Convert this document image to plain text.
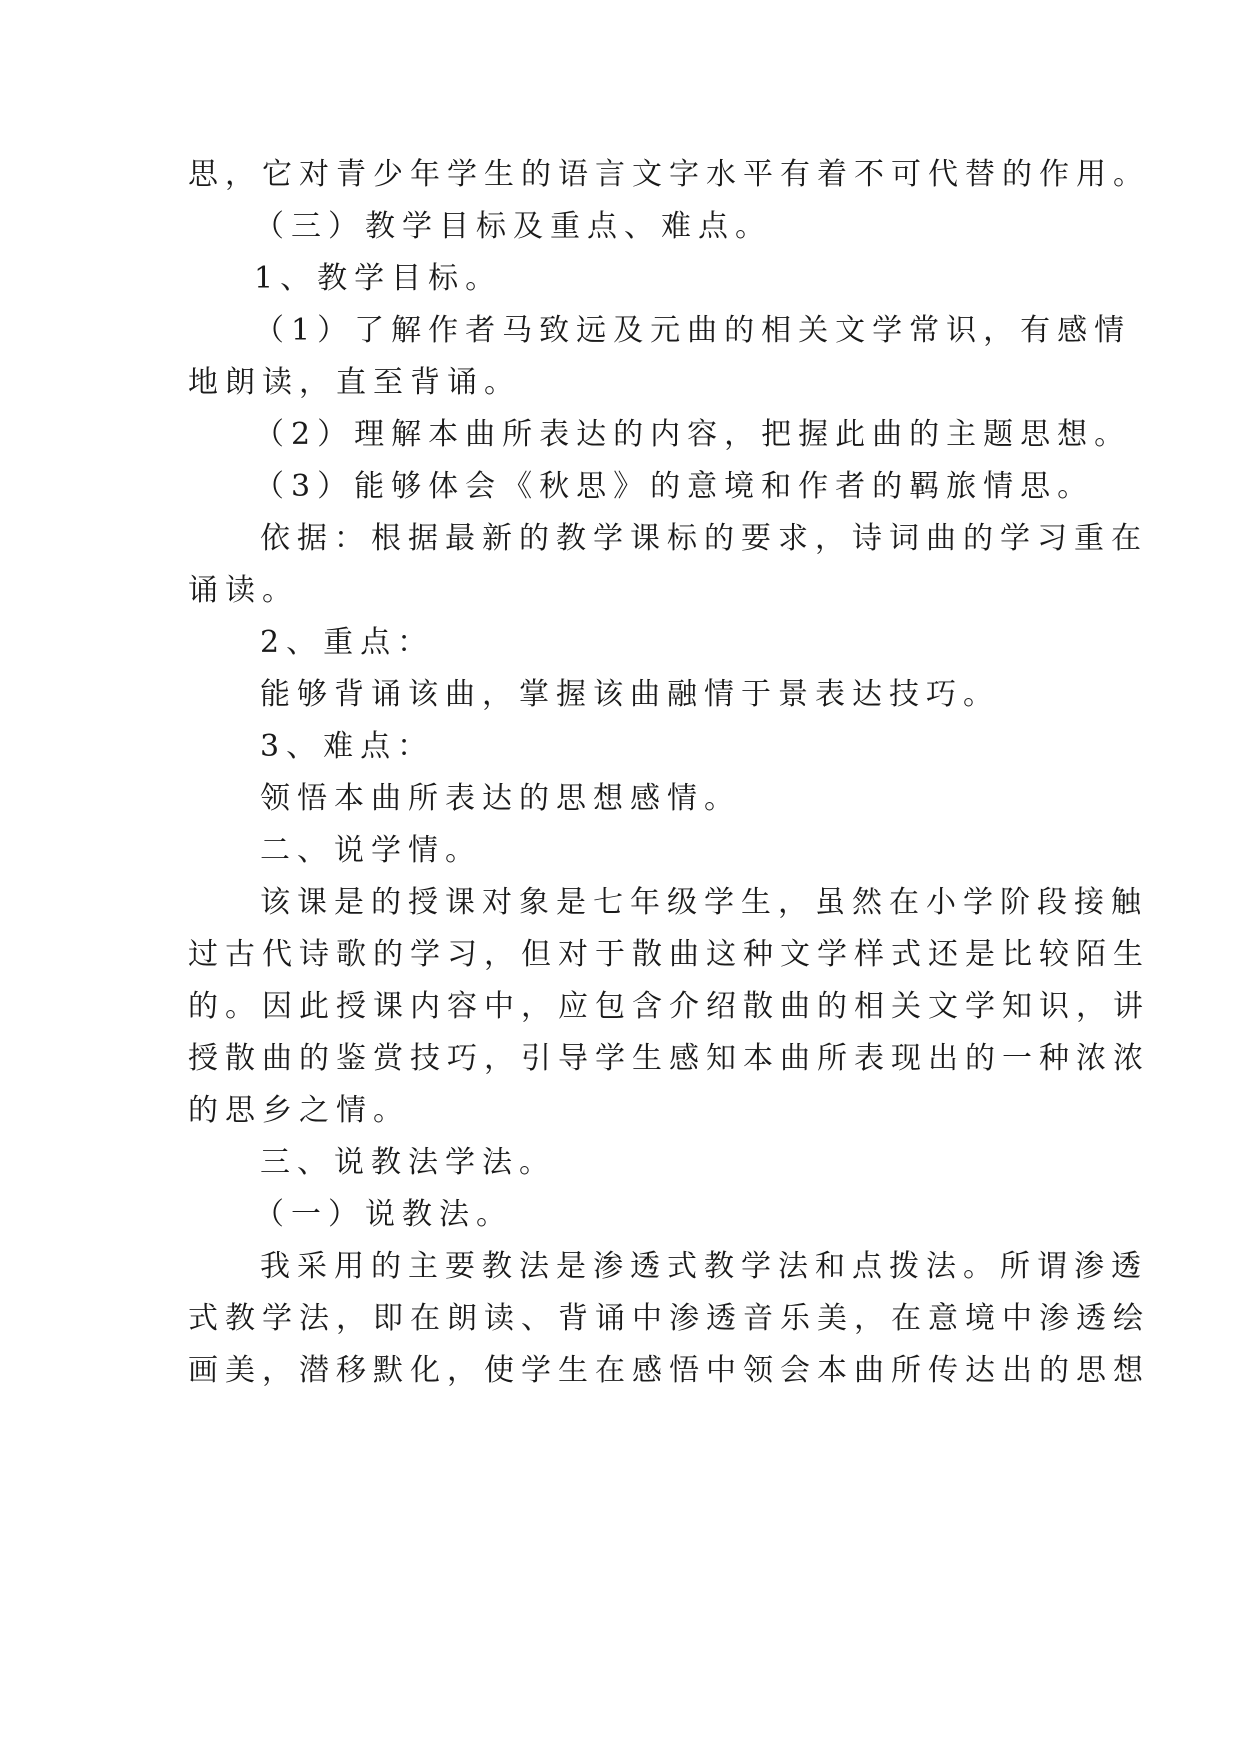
思，它对青少年学生的语言文字水平有着不可代替的作用。
（三）教学目标及重点、难点。
1、教学目标。
（1）了解作者马致远及元曲的相关文学常识，有感情
地朗读，直至背诵。
（2）理解本曲所表达的内容，把握此曲的主题思想。
（3）能够体会《秋思》的意境和作者的羁旅情思。
依据：根据最新的教学课标的要求，诗词曲的学习重在
诵读。
2、重点：
能够背诵该曲，掌握该曲融情于景表达技巧。
3、难点：
领悟本曲所表达的思想感情。
二、说学情。
该课是的授课对象是七年级学生，虽然在小学阶段接触
过古代诗歌的学习，但对于散曲这种文学样式还是比较陌生
的。因此授课内容中，应包含介绍散曲的相关文学知识，讲
授散曲的鉴赏技巧，引导学生感知本曲所表现出的一种浓浓
的思乡之情。
三、说教法学法。
（一）说教法。
我采用的主要教法是渗透式教学法和点拨法。所谓渗透
式教学法，即在朗读、背诵中渗透音乐美，在意境中渗透绘
画美，潜移默化，使学生在感悟中领会本曲所传达出的思想
